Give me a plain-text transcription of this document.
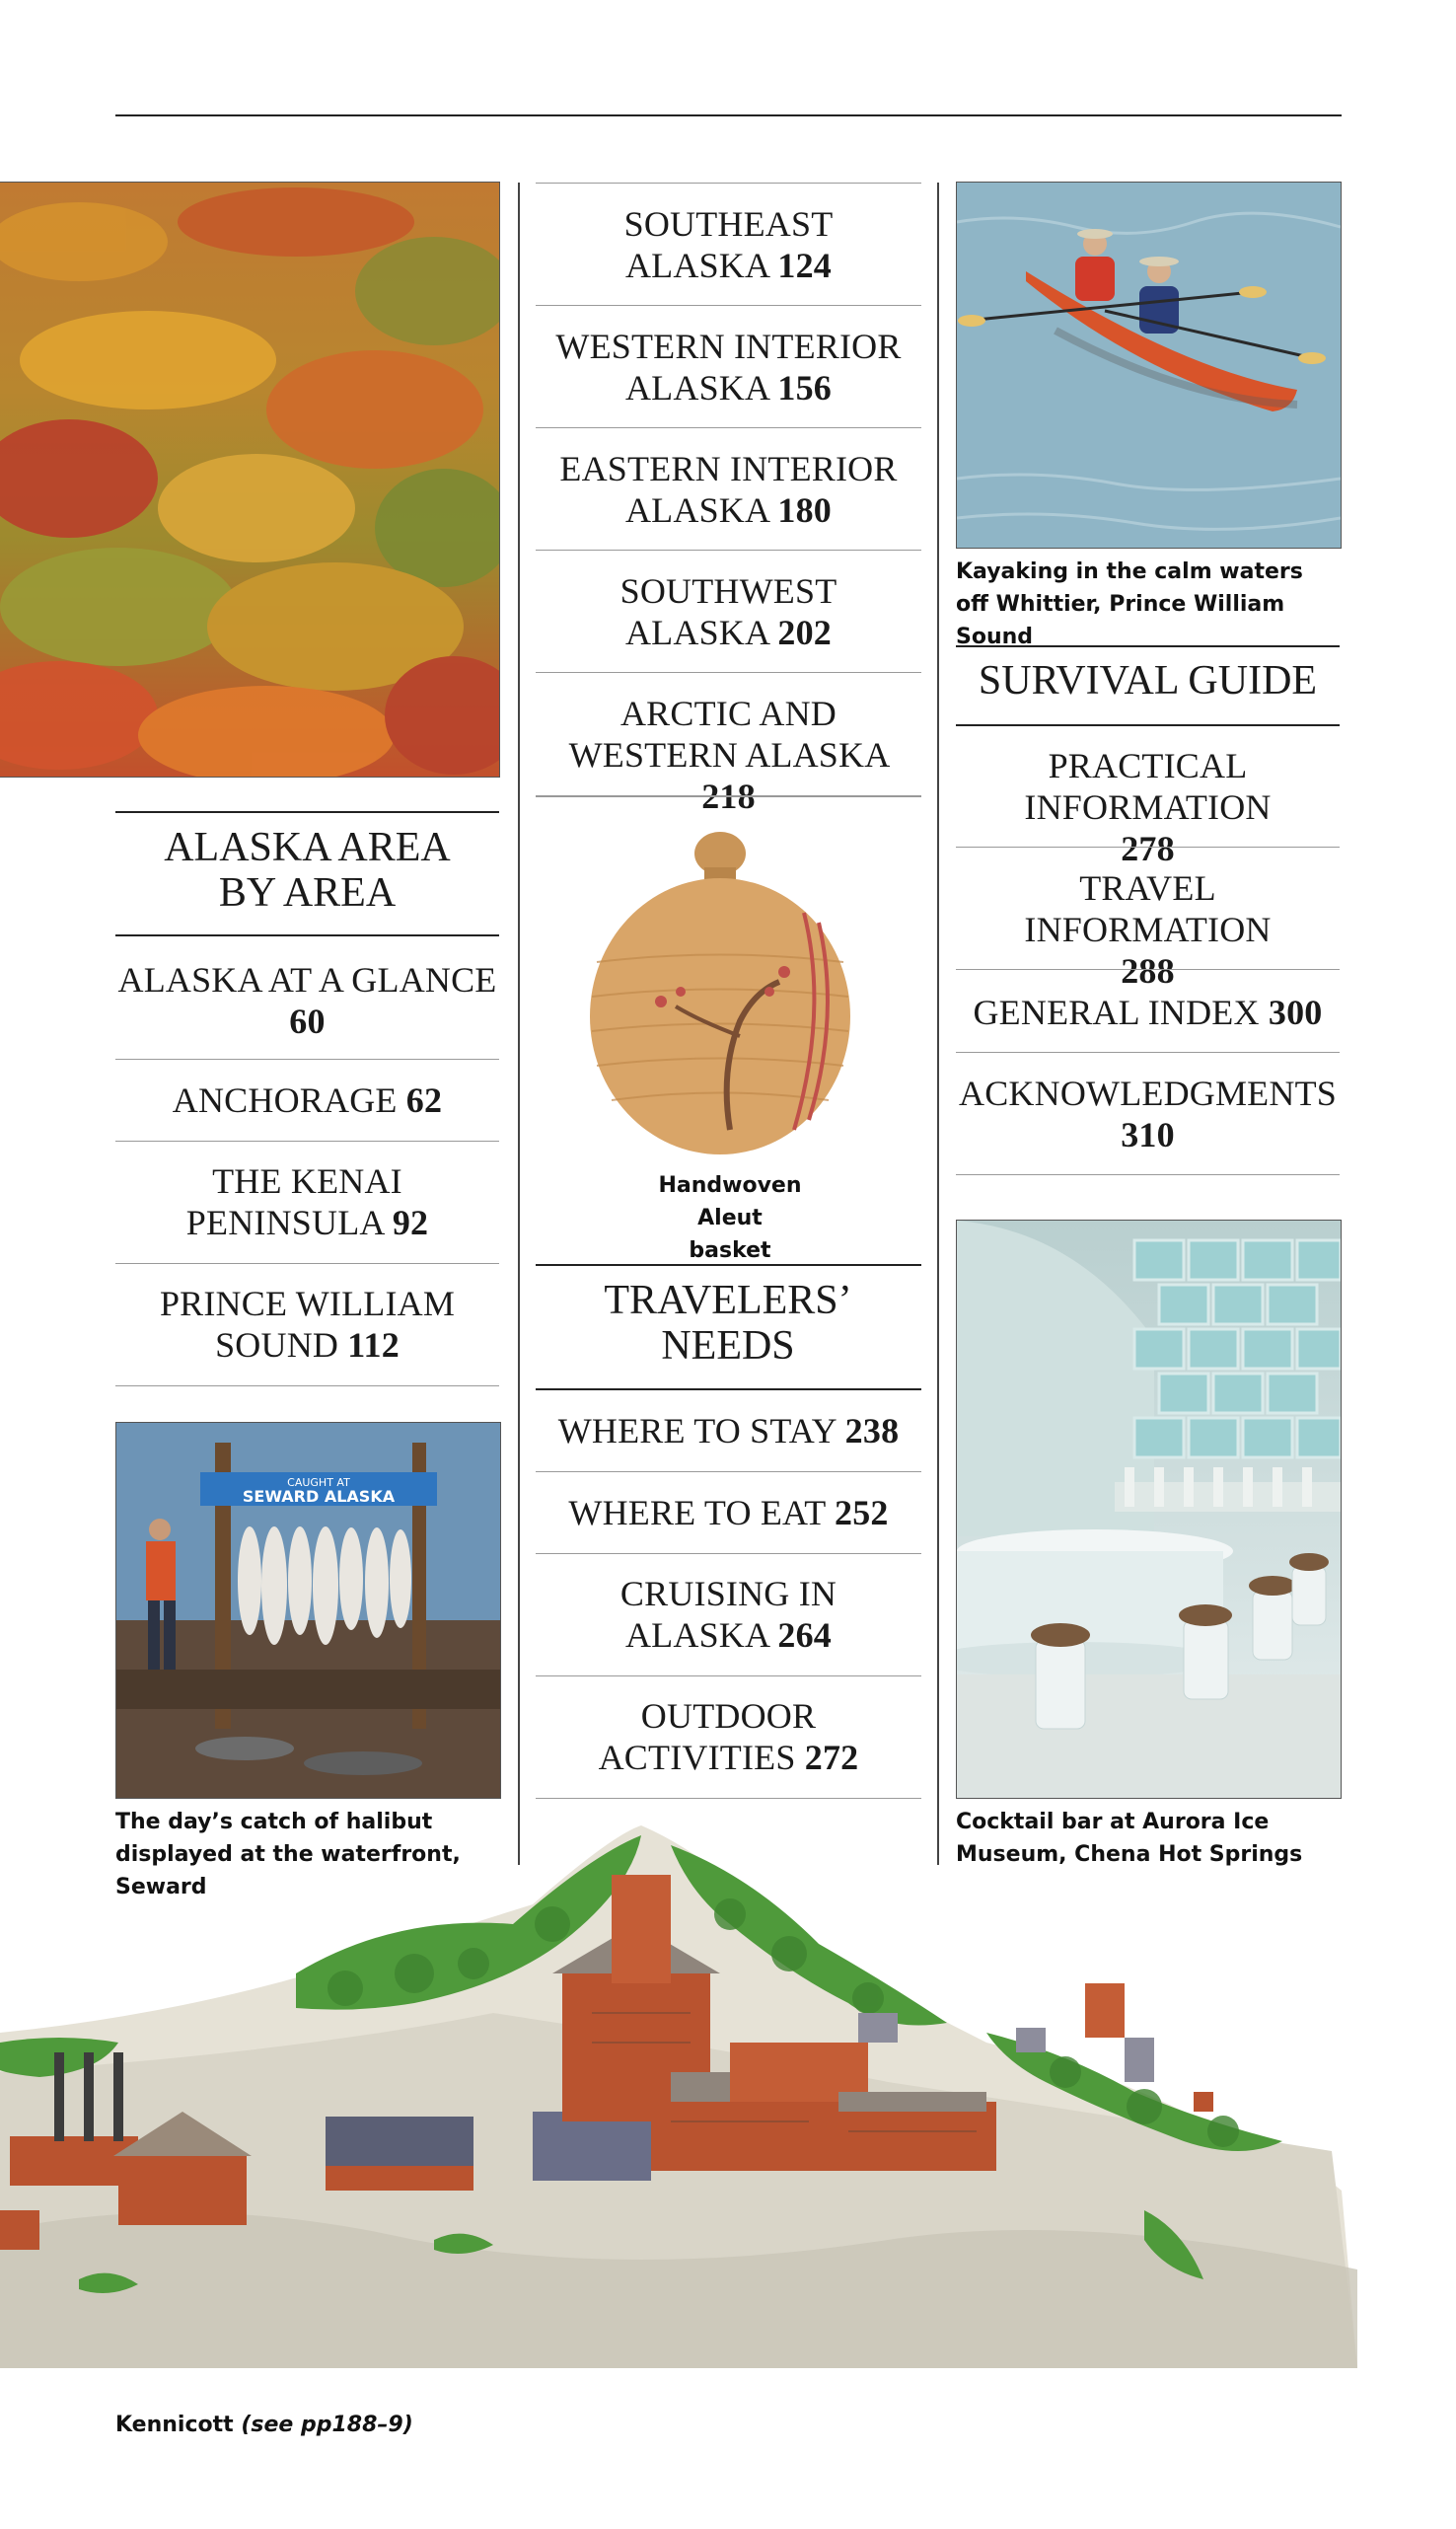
ALASKA AREA BY AREA
ALASKA AT A GLANCE 60
ANCHORAGE 62
THE KENAI PENINSULA 92
PRINCE WILLIAM SOUND 112
CAUGHT AT
SEWARD ALASKA
The day’s catch of halibut displayed at the waterfront, Seward
SOUTHEAST ALASKA 124
WESTERN INTERIOR ALASKA 156
EASTERN INTERIOR ALASKA 180
SOUTHWEST ALASKA 202
ARCTIC AND WESTERN ALASKA 218
Handwoven Aleut basket
TRAVELERS’ NEEDS
WHERE TO STAY 238
WHERE TO EAT 252
CRUISING IN ALASKA 264
OUTDOOR ACTIVITIES 272
Kayaking in the calm waters off Whittier, Prince William Sound
SURVIVAL GUIDE
PRACTICAL INFORMATION 278
TRAVEL INFORMATION 288
GENERAL INDEX 300
ACKNOWLEDGMENTS 310
Cocktail bar at Aurora Ice Museum, Chena Hot Springs
Kennicott (see pp188–9)
